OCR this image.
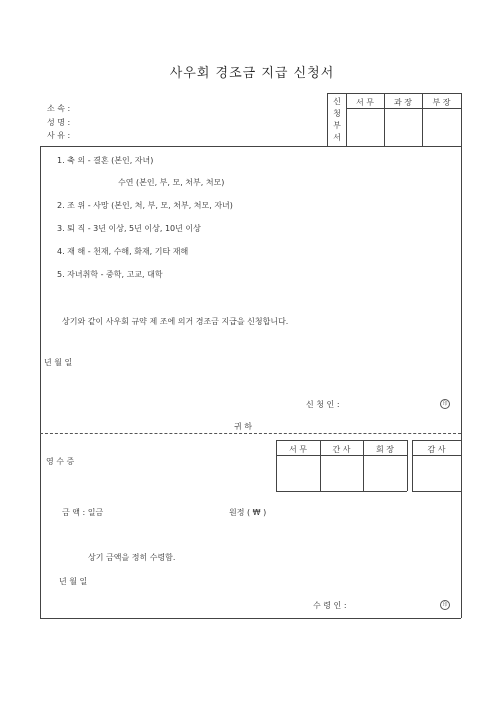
사우회 경조금 지급 신청서
소 속 :
성 명 :
사 유 :
신
청
부
서
서 무	과 장	부 장
1. 축 의 - 결혼 (본인, 자녀)
수연 (본인, 부, 모, 처부, 처모)
2. 조 위 - 사망 (본인, 처, 부, 모, 처부, 처모, 자녀)
3. 퇴 직 - 3년 이상, 5년 이상, 10년 이상
4. 재 해 - 천재, 수해, 화재, 기타 재해
5. 자녀취학 - 중학, 고교, 대학
상기와 같이 사우회 규약 제 조에 의거 경조금 지급을 신청합니다.
년 월 일
신 청 인 :	印
귀 하
서 무	간 사	회 장	감 사
영 수 증
금 액 : 일금	원정 ( ₩ )
상기 금액을 정히 수령함.
년 월 일
수 령 인 :	印
